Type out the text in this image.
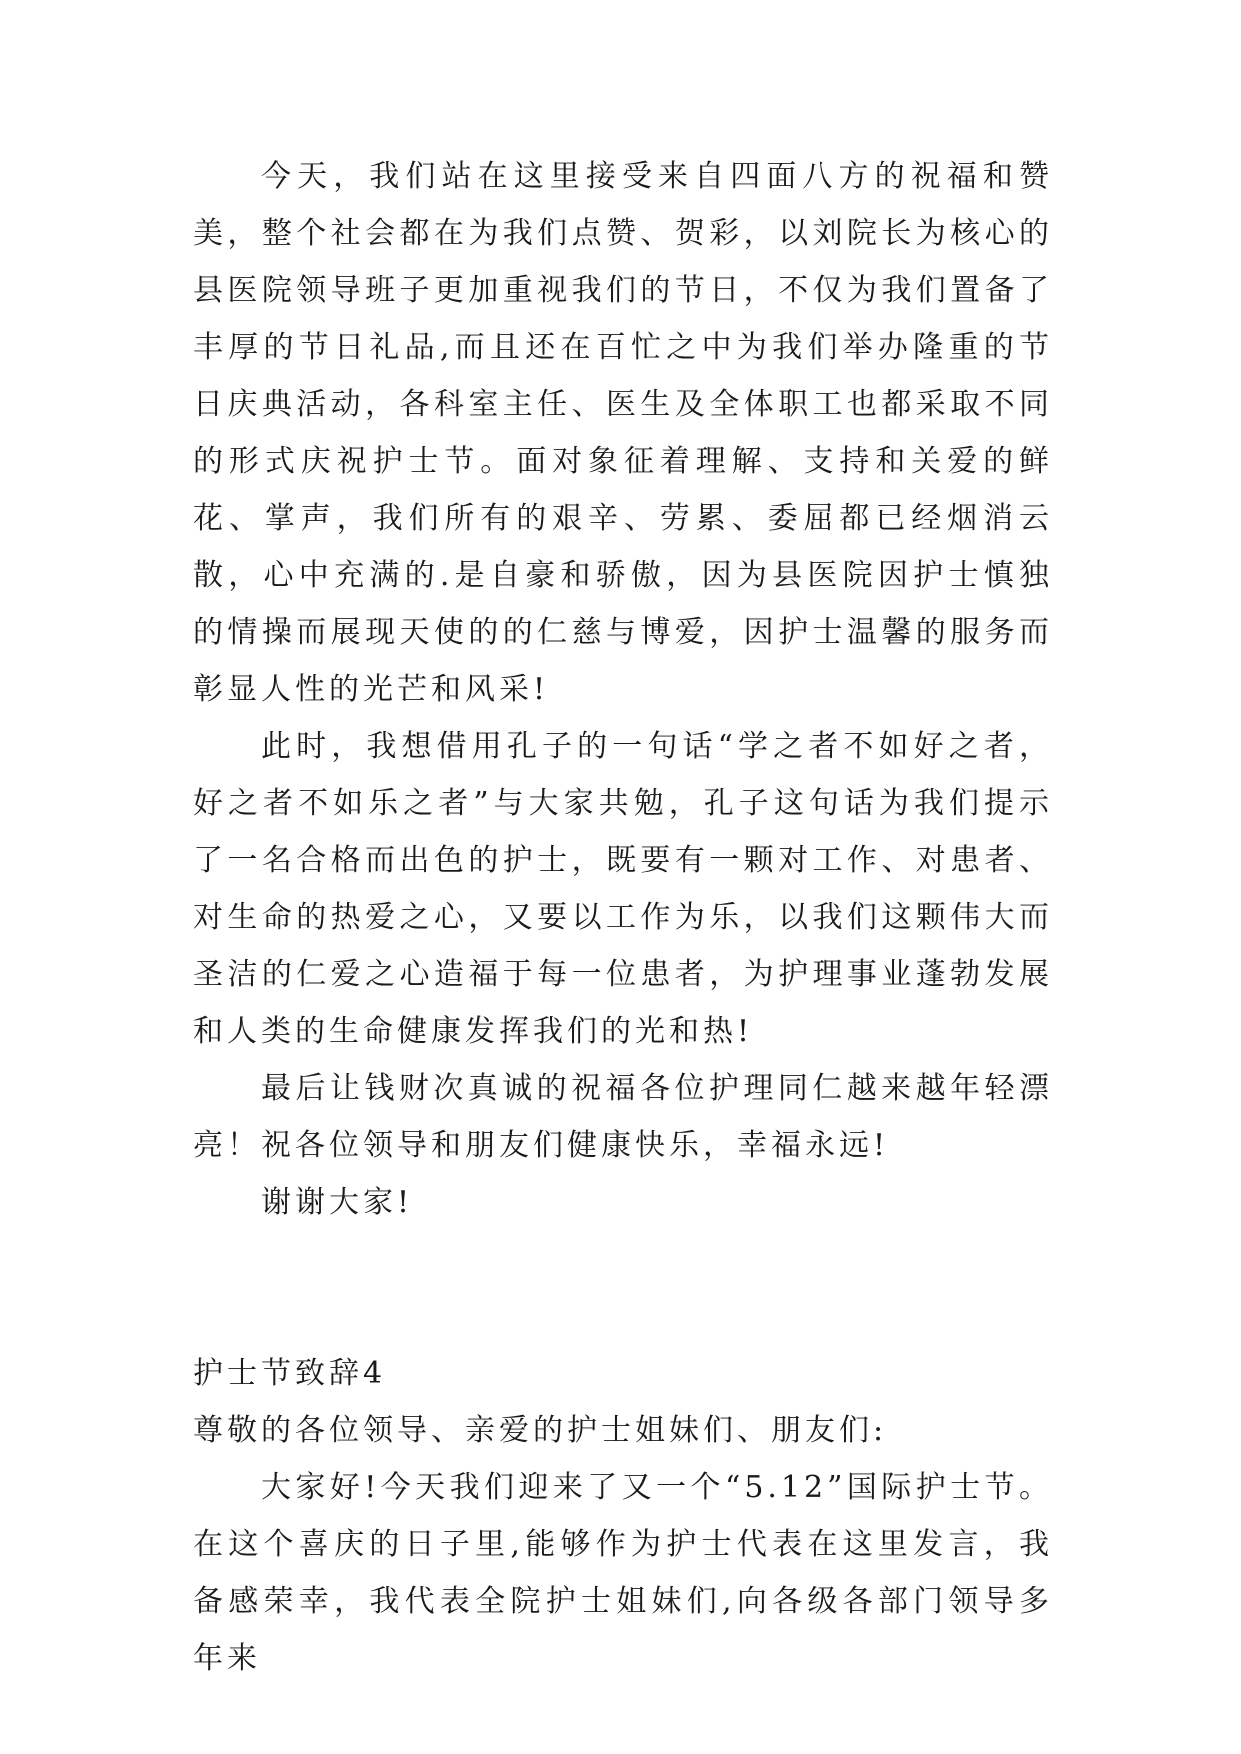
今天，我们站在这里接受来自四面八方的祝福和赞美，整个社会都在为我们点赞、贺彩，以刘院长为核心的县医院领导班子更加重视我们的节日，不仅为我们置备了丰厚的节日礼品,而且还在百忙之中为我们举办隆重的节日庆典活动，各科室主任、医生及全体职工也都采取不同的形式庆祝护士节。面对象征着理解、支持和关爱的鲜花、掌声，我们所有的艰辛、劳累、委屈都已经烟消云散，心中充满的.是自豪和骄傲，因为县医院因护士慎独的情操而展现天使的的仁慈与博爱，因护士温馨的服务而彰显人性的光芒和风采!

此时，我想借用孔子的一句话“学之者不如好之者，好之者不如乐之者”与大家共勉，孔子这句话为我们提示了一名合格而出色的护士，既要有一颗对工作、对患者、对生命的热爱之心，又要以工作为乐，以我们这颗伟大而圣洁的仁爱之心造福于每一位患者，为护理事业蓬勃发展和人类的生命健康发挥我们的光和热!

最后让钱财次真诚的祝福各位护理同仁越来越年轻漂亮！祝各位领导和朋友们健康快乐，幸福永远!

谢谢大家!

护士节致辞4

尊敬的各位领导、亲爱的护士姐妹们、朋友们:

大家好!今天我们迎来了又一个“5.12”国际护士节。在这个喜庆的日子里,能够作为护士代表在这里发言，我备感荣幸，我代表全院护士姐妹们,向各级各部门领导多年来
